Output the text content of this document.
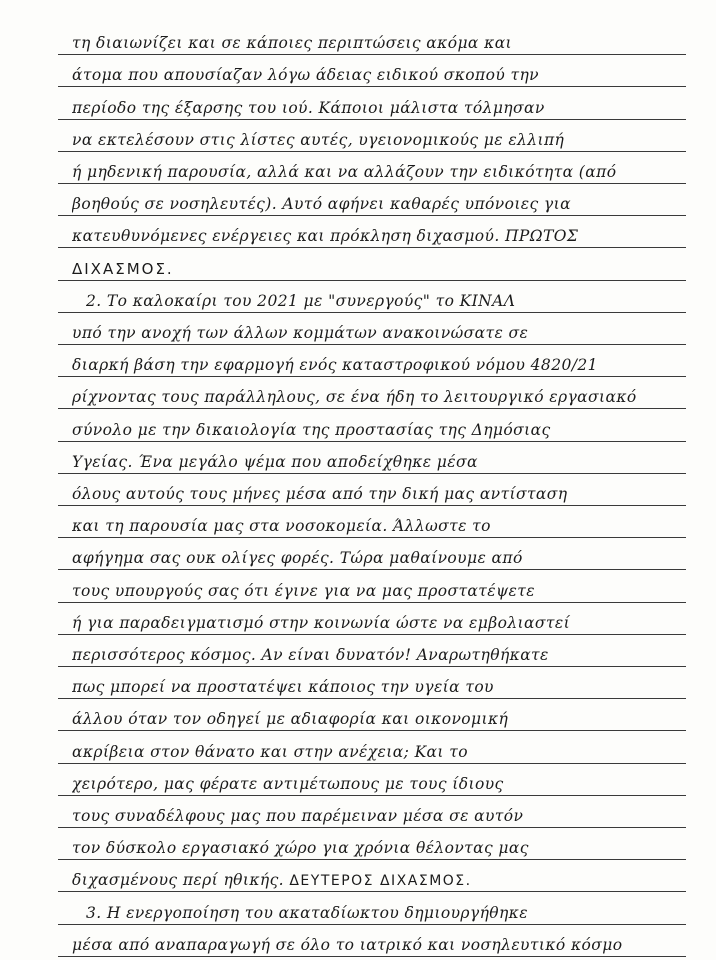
τη διαιωνίζει και σε κάποιες περιπτώσεις ακόμα και
άτομα που απουσίαζαν λόγω άδειας ειδικού σκοπού την
περίοδο της έξαρσης του ιού. Κάποιοι μάλιστα τόλμησαν
να εκτελέσουν στις λίστες αυτές, υγειονομικούς με ελλιπή
ή μηδενική παρουσία, αλλά και να αλλάζουν την ειδικότητα (από
βοηθούς σε νοσηλευτές). Αυτό αφήνει καθαρές υπόνοιες για
κατευθυνόμενες ενέργειες και πρόκληση διχασμού. ΠΡΩΤΟΣ
ΔΙΧΑΣΜΟΣ.
2. Το καλοκαίρι του 2021 με "συνεργούς" το ΚΙΝΑΛ
υπό την ανοχή των άλλων κομμάτων ανακοινώσατε σε
διαρκή βάση την εφαρμογή ενός καταστροφικού νόμου 4820/21
ρίχνοντας τους παράλληλους, σε ένα ήδη το λειτουργικό εργασιακό
σύνολο με την δικαιολογία της προστασίας της Δημόσιας
Υγείας. Ένα μεγάλο ψέμα που αποδείχθηκε μέσα
όλους αυτούς τους μήνες μέσα από την δική μας αντίσταση
και τη παρουσία μας στα νοσοκομεία. Άλλωστε το
αφήγημα σας ουκ ολίγες φορές. Τώρα μαθαίνουμε από
τους υπουργούς σας ότι έγινε για να μας προστατέψετε
ή για παραδειγματισμό στην κοινωνία ώστε να εμβολιαστεί
περισσότερος κόσμος. Αν είναι δυνατόν! Αναρωτηθήκατε
πως μπορεί να προστατέψει κάποιος την υγεία του
άλλου όταν τον οδηγεί με αδιαφορία και οικονομική
ακρίβεια στον θάνατο και στην ανέχεια; Και το
χειρότερο, μας φέρατε αντιμέτωπους με τους ίδιους
τους συναδέλφους μας που παρέμειναν μέσα σε αυτόν
τον δύσκολο εργασιακό χώρο για χρόνια θέλοντας μας
διχασμένους περί ηθικής. ΔΕΥΤΕΡΟΣ ΔΙΧΑΣΜΟΣ.
3. Η ενεργοποίηση του ακαταδίωκτου δημιουργήθηκε
μέσα από αναπαραγωγή σε όλο το ιατρικό και νοσηλευτικό κόσμο
